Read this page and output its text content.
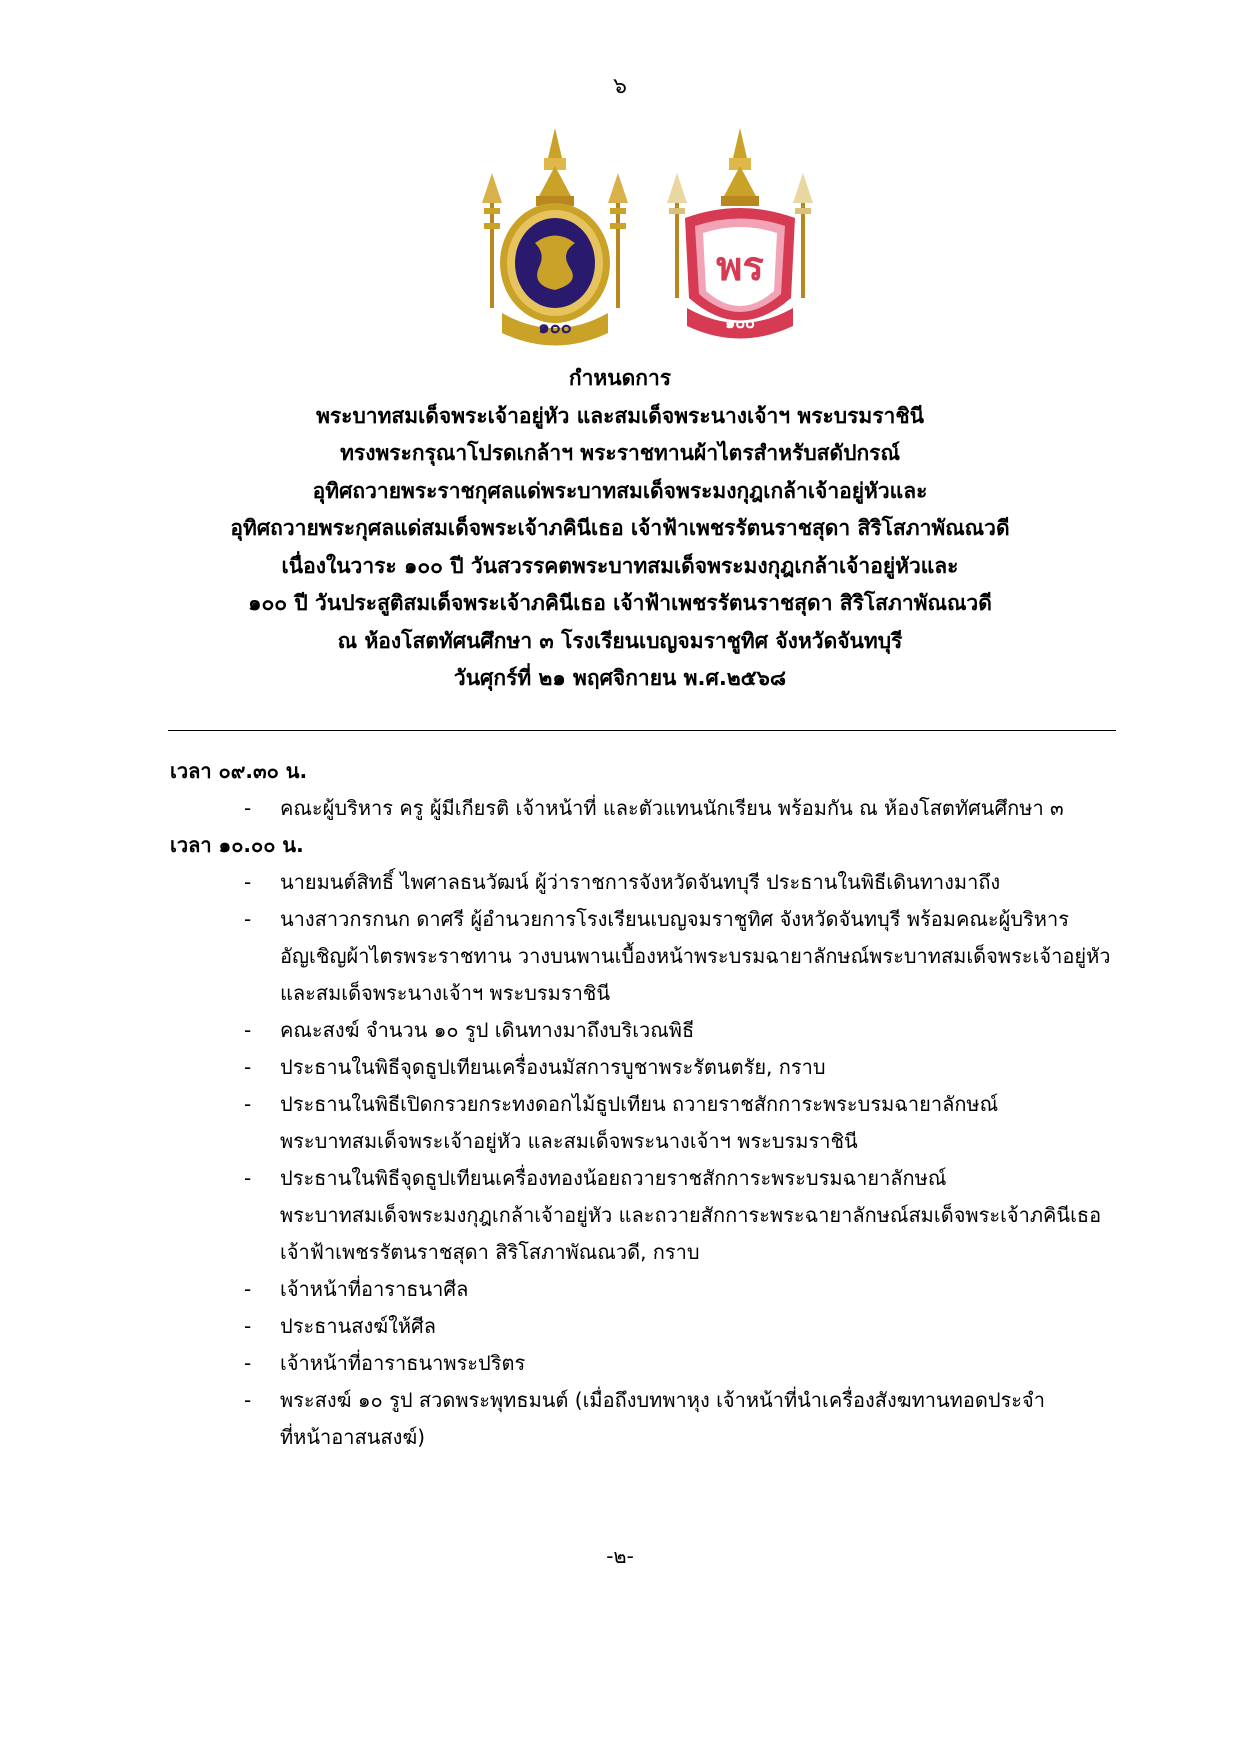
๖
๑๐๐
พร
๑๐๐
กำหนดการ
พระบาทสมเด็จพระเจ้าอยู่หัว และสมเด็จพระนางเจ้าฯ พระบรมราชินี
ทรงพระกรุณาโปรดเกล้าฯ พระราชทานผ้าไตรสำหรับสดัปกรณ์
อุทิศถวายพระราชกุศลแด่พระบาทสมเด็จพระมงกุฎเกล้าเจ้าอยู่หัวและ
อุทิศถวายพระกุศลแด่สมเด็จพระเจ้าภคินีเธอ เจ้าฟ้าเพชรรัตนราชสุดา สิริโสภาพัณณวดี
เนื่องในวาระ ๑๐๐ ปี วันสวรรคตพระบาทสมเด็จพระมงกุฎเกล้าเจ้าอยู่หัวและ
๑๐๐ ปี วันประสูติสมเด็จพระเจ้าภคินีเธอ เจ้าฟ้าเพชรรัตนราชสุดา สิริโสภาพัณณวดี
ณ ห้องโสตทัศนศึกษา ๓ โรงเรียนเบญจมราชูทิศ จังหวัดจันทบุรี
วันศุกร์ที่ ๒๑ พฤศจิกายน พ.ศ.๒๕๖๘
เวลา ๐๙.๓๐ น.
- คณะผู้บริหาร ครู ผู้มีเกียรติ เจ้าหน้าที่ และตัวแทนนักเรียน พร้อมกัน ณ ห้องโสตทัศนศึกษา ๓
เวลา ๑๐.๐๐ น.
- นายมนต์สิทธิ์ ไพศาลธนวัฒน์ ผู้ว่าราชการจังหวัดจันทบุรี ประธานในพิธีเดินทางมาถึง
- นางสาวกรกนก ดาศรี ผู้อำนวยการโรงเรียนเบญจมราชูทิศ จังหวัดจันทบุรี พร้อมคณะผู้บริหาร
อัญเชิญผ้าไตรพระราชทาน วางบนพานเบื้องหน้าพระบรมฉายาลักษณ์พระบาทสมเด็จพระเจ้าอยู่หัว
และสมเด็จพระนางเจ้าฯ พระบรมราชินี
- คณะสงฆ์ จำนวน ๑๐ รูป เดินทางมาถึงบริเวณพิธี
- ประธานในพิธีจุดธูปเทียนเครื่องนมัสการบูชาพระรัตนตรัย, กราบ
- ประธานในพิธีเปิดกรวยกระทงดอกไม้ธูปเทียน ถวายราชสักการะพระบรมฉายาลักษณ์
พระบาทสมเด็จพระเจ้าอยู่หัว และสมเด็จพระนางเจ้าฯ พระบรมราชินี
- ประธานในพิธีจุดธูปเทียนเครื่องทองน้อยถวายราชสักการะพระบรมฉายาลักษณ์
พระบาทสมเด็จพระมงกุฎเกล้าเจ้าอยู่หัว และถวายสักการะพระฉายาลักษณ์สมเด็จพระเจ้าภคินีเธอ
เจ้าฟ้าเพชรรัตนราชสุดา สิริโสภาพัณณวดี, กราบ
- เจ้าหน้าที่อาราธนาศีล
- ประธานสงฆ์ให้ศีล
- เจ้าหน้าที่อาราธนาพระปริตร
- พระสงฆ์ ๑๐ รูป สวดพระพุทธมนต์ (เมื่อถึงบทพาหุง เจ้าหน้าที่นำเครื่องสังฆทานทอดประจำ
ที่หน้าอาสนสงฆ์)
-๒-
